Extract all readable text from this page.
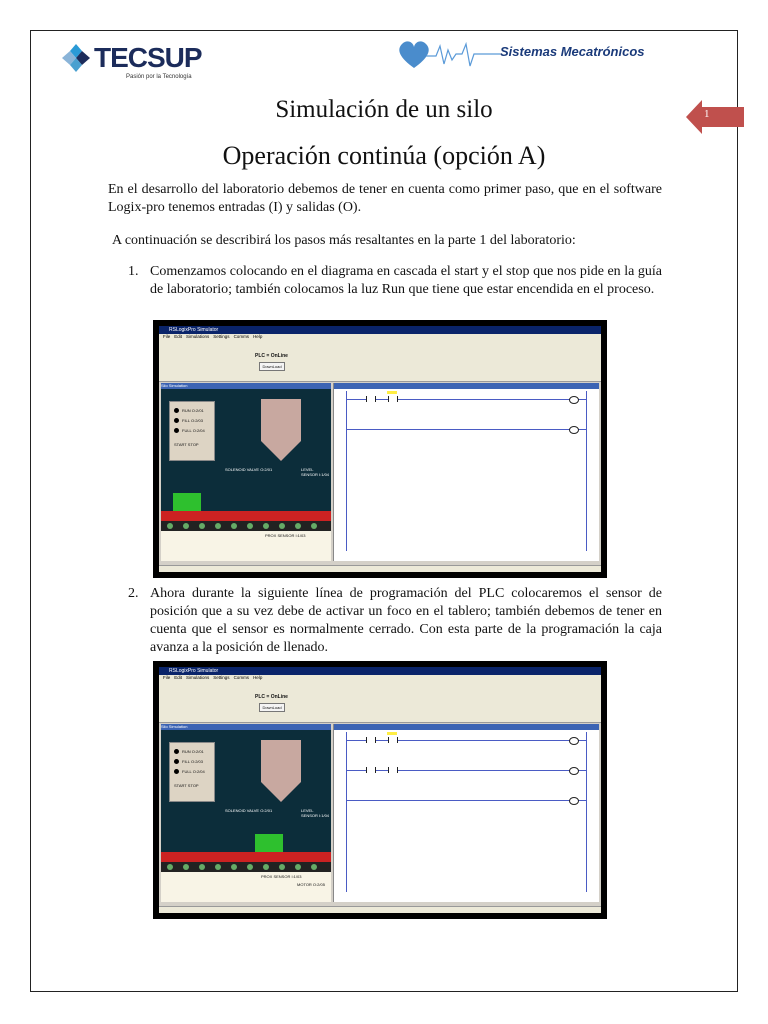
TECSUP
Pasión por la Tecnología
Sistemas Mecatrónicos
1
Simulación de un silo
Operación continúa (opción A)
En el desarrollo del laboratorio debemos de tener en cuenta como primer paso, que en el software Logix-pro tenemos entradas (I) y salidas (O).
A continuación se describirá los pasos más resaltantes en la parte 1 del laboratorio:
1. Comenzamos colocando en el diagrama en cascada el start y el stop que nos pide en la guía de laboratorio; también colocamos la luz Run que tiene que estar encendida en el proceso.
RSLogixPro Simulator
File Edit Simulations Settings Comms Help
PLC = OnLine
DownLoad
Silo Simulation
RUN O:2/01
FILL O:2/03
FULL O:2/04
START STOP
SOLENOID VALVE O:2/01	LEVEL SENSOR I:1/04
PROX SENSOR I:1/03
2. Ahora durante la siguiente línea de programación del PLC colocaremos el sensor de posición que a su vez debe de activar un foco en el tablero; también debemos de tener en cuenta que el sensor es normalmente cerrado. Con esta parte de la programación la caja avanza a la posición de llenado.
RSLogixPro Simulator
File Edit Simulations Settings Comms Help
PLC = OnLine
DownLoad
Silo Simulation
RUN O:2/01
FILL O:2/03
FULL O:2/04
START STOP
SOLENOID VALVE O:2/01	LEVEL SENSOR I:1/04
PROX SENSOR I:1/03
MOTOR O:2/05
